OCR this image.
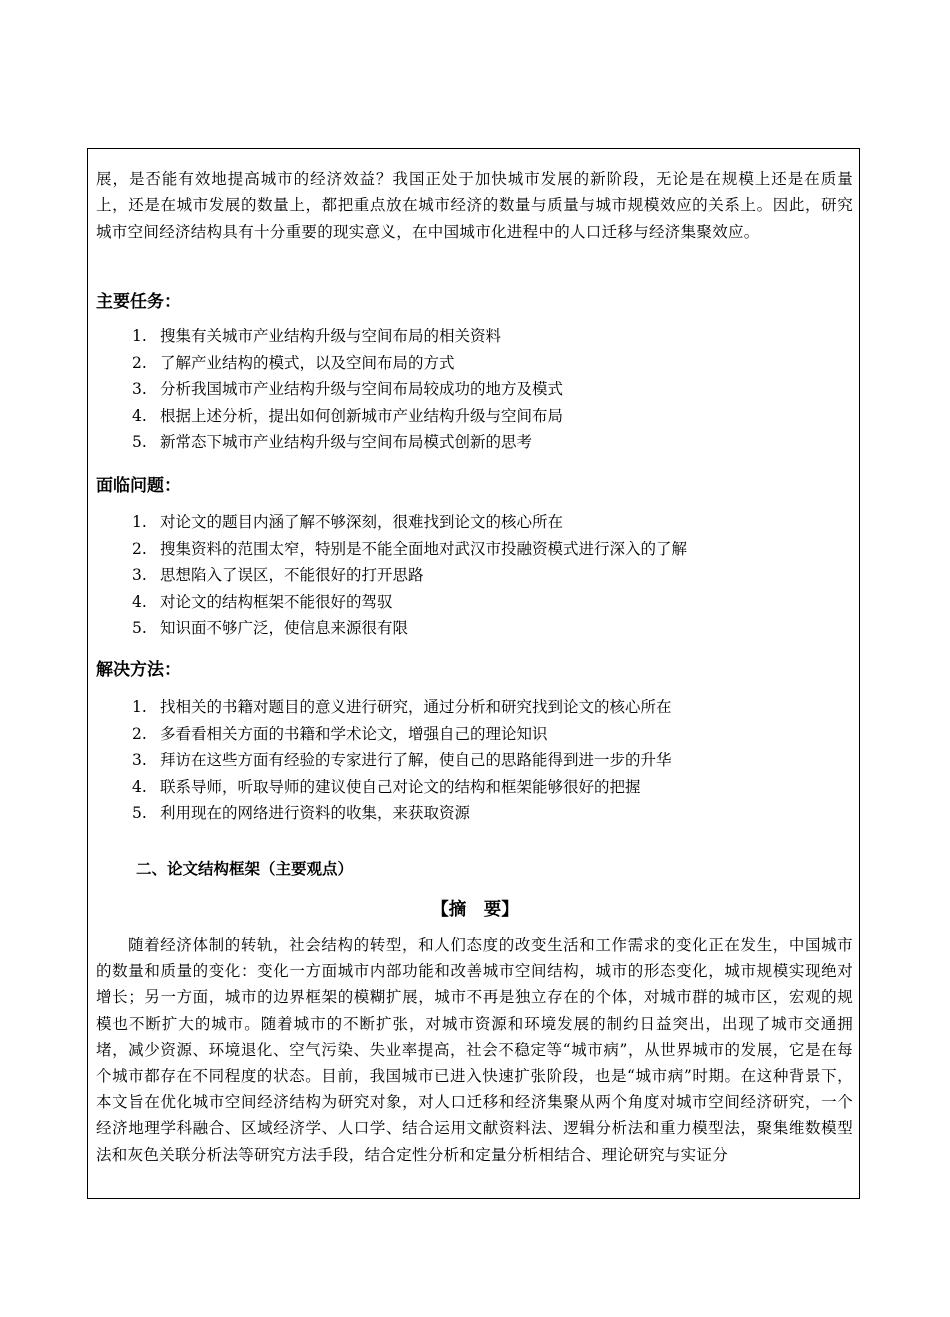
展，是否能有效地提高城市的经济效益？我国正处于加快城市发展的新阶段，无论是在规模上还是在质量上，还是在城市发展的数量上，都把重点放在城市经济的数量与质量与城市规模效应的关系上。因此，研究城市空间经济结构具有十分重要的现实意义，在中国城市化进程中的人口迁移与经济集聚效应。
主要任务：
1. 搜集有关城市产业结构升级与空间布局的相关资料
2. 了解产业结构的模式，以及空间布局的方式
3. 分析我国城市产业结构升级与空间布局较成功的地方及模式
4. 根据上述分析，提出如何创新城市产业结构升级与空间布局
5. 新常态下城市产业结构升级与空间布局模式创新的思考
面临问题：
1. 对论文的题目内涵了解不够深刻，很难找到论文的核心所在
2. 搜集资料的范围太窄，特别是不能全面地对武汉市投融资模式进行深入的了解
3. 思想陷入了误区，不能很好的打开思路
4. 对论文的结构框架不能很好的驾驭
5. 知识面不够广泛，使信息来源很有限
解决方法：
1. 找相关的书籍对题目的意义进行研究，通过分析和研究找到论文的核心所在
2. 多看看相关方面的书籍和学术论文，增强自己的理论知识
3. 拜访在这些方面有经验的专家进行了解，使自己的思路能得到进一步的升华
4. 联系导师，听取导师的建议使自己对论文的结构和框架能够很好的把握
5. 利用现在的网络进行资料的收集，来获取资源
二、论文结构框架（主要观点）
【摘　要】
随着经济体制的转轨，社会结构的转型，和人们态度的改变生活和工作需求的变化正在发生，中国城市的数量和质量的变化：变化一方面城市内部功能和改善城市空间结构，城市的形态变化，城市规模实现绝对增长；另一方面，城市的边界框架的模糊扩展，城市不再是独立存在的个体，对城市群的城市区，宏观的规模也不断扩大的城市。随着城市的不断扩张，对城市资源和环境发展的制约日益突出，出现了城市交通拥堵，减少资源、环境退化、空气污染、失业率提高，社会不稳定等“城市病”，从世界城市的发展，它是在每个城市都存在不同程度的状态。目前，我国城市已进入快速扩张阶段，也是“城市病”时期。在这种背景下，本文旨在优化城市空间经济结构为研究对象，对人口迁移和经济集聚从两个角度对城市空间经济研究，一个经济地理学科融合、区域经济学、人口学、结合运用文献资料法、逻辑分析法和重力模型法，聚集维数模型法和灰色关联分析法等研究方法手段，结合定性分析和定量分析相结合、理论研究与实证分
